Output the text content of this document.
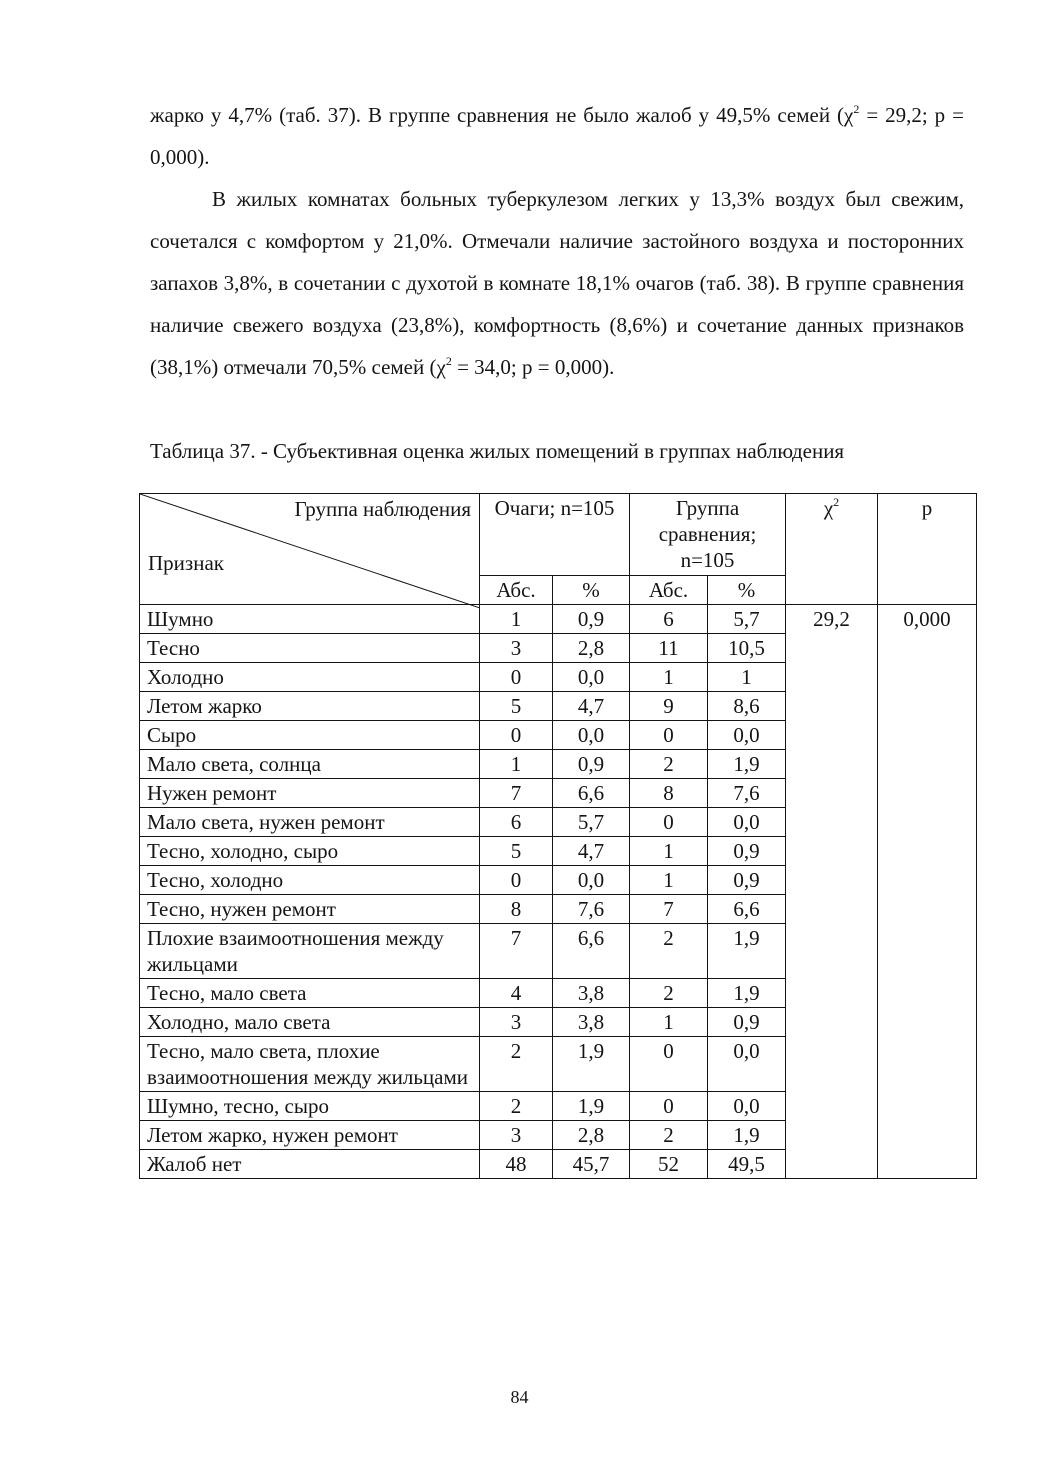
жарко у 4,7% (таб. 37). В группе сравнения не было жалоб у 49,5% семей ($\chi^2 = 29,2$; p = 0,000).

В жилых комнатах больных туберкулезом легких у 13,3% воздух был свежим, сочетался с комфортом у 21,0%. Отмечали наличие застойного воздуха и посторонних запахов 3,8%, в сочетании с духотой в комнате 18,1% очагов (таб. 38). В группе сравнения наличие свежего воздуха (23,8%), комфортность (8,6%) и сочетание данных признаков (38,1%) отмечали 70,5% семей ($\chi^2 = 34,0$; p = 0,000).

Таблица 37. - Субъективная оценка жилых помещений в группах наблюдения

Группа наблюдения
Признак	Очаги; n=105		Группа сравнения; n=105		$\chi^2$	p
	Абс.	%	Абс.	%		
Шумно	1	0,9	6	5,7	29,2	0,000
Тесно	3	2,8	11	10,5		
Холодно	0	0,0	1	1		
Летом жарко	5	4,7	9	8,6		
Сыро	0	0,0	0	0,0		
Мало света, солнца	1	0,9	2	1,9		
Нужен ремонт	7	6,6	8	7,6		
Мало света, нужен ремонт	6	5,7	0	0,0		
Тесно, холодно, сыро	5	4,7	1	0,9		
Тесно, холодно	0	0,0	1	0,9		
Тесно, нужен ремонт	8	7,6	7	6,6		
Плохие взаимоотношения между жильцами	7	6,6	2	1,9		
Тесно, мало света	4	3,8	2	1,9		
Холодно, мало света	3	3,8	1	0,9		
Тесно, мало света, плохие взаимоотношения между жильцами	2	1,9	0	0,0		
Шумно, тесно, сыро	2	1,9	0	0,0		
Летом жарко, нужен ремонт	3	2,8	2	1,9		
Жалоб нет	48	45,7	52	49,5		

84
